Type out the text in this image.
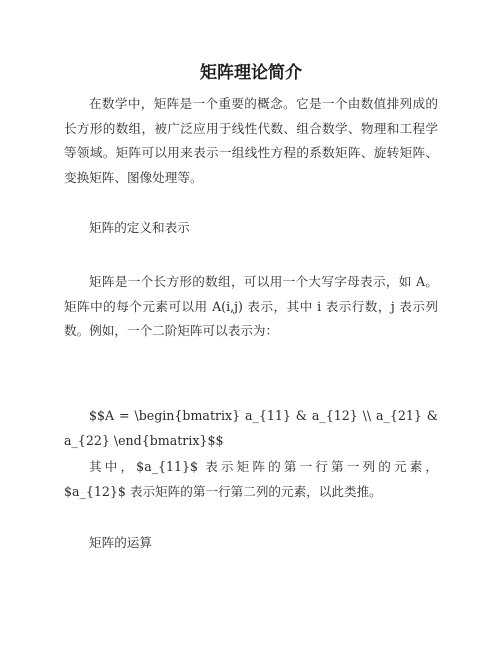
矩阵理论简介

在数学中，矩阵是一个重要的概念。它是一个由数值排列成的长方形的数组，被广泛应用于线性代数、组合数学、物理和工程学等领域。矩阵可以用来表示一组线性方程的系数矩阵、旋转矩阵、变换矩阵、图像处理等。

矩阵的定义和表示

矩阵是一个长方形的数组，可以用一个大写字母表示，如 A。矩阵中的每个元素可以用 A(i,j) 表示，其中 i 表示行数，j 表示列数。例如，一个二阶矩阵可以表示为：

$$A = \begin{bmatrix} a_{11} & a_{12} \\ a_{21} & a_{22} \end{bmatrix}$$

其中，$a_{11}$ 表示矩阵的第一行第一列的元素，$a_{12}$ 表示矩阵的第一行第二列的元素，以此类推。

矩阵的运算
